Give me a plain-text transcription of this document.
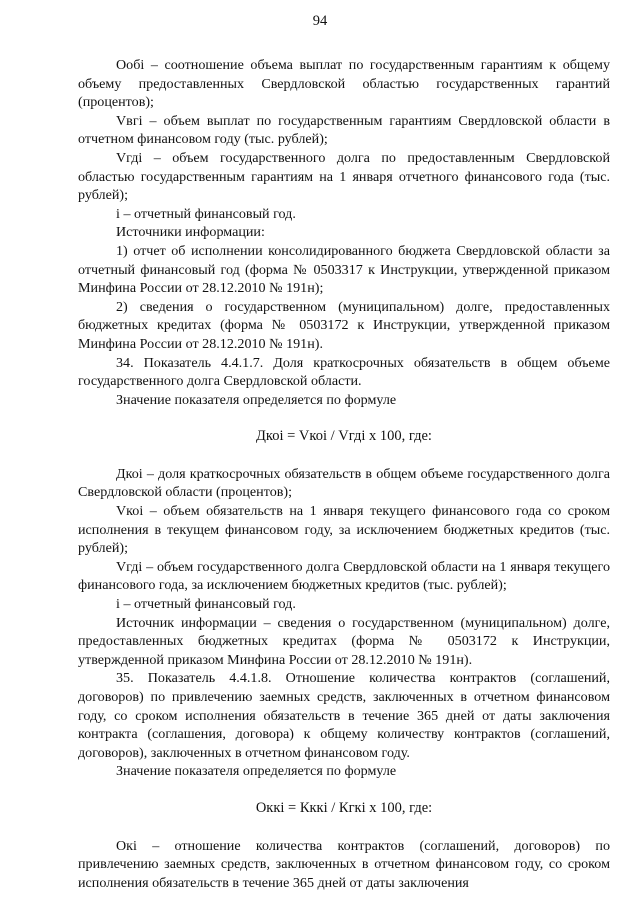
94

Ообі – соотношение объема выплат по государственным гарантиям к общему объему предоставленных Свердловской областью государственных гарантий (процентов);

Vвгі – объем выплат по государственным гарантиям Свердловской области в отчетном финансовом году (тыс. рублей);

Vгді – объем государственного долга по предоставленным Свердловской областью государственным гарантиям на 1 января отчетного финансового года (тыс. рублей);

і – отчетный финансовый год.

Источники информации:

1) отчет об исполнении консолидированного бюджета Свердловской области за отчетный финансовый год (форма № 0503317 к Инструкции, утвержденной приказом Минфина России от 28.12.2010 № 191н);

2) сведения о государственном (муниципальном) долге, предоставленных бюджетных кредитах (форма № 0503172 к Инструкции, утвержденной приказом Минфина России от 28.12.2010 № 191н).

34. Показатель 4.4.1.7. Доля краткосрочных обязательств в общем объеме государственного долга Свердловской области.

Значение показателя определяется по формуле

Дкоі = Vкоі / Vгді х 100, где:

Дкоі – доля краткосрочных обязательств в общем объеме государственного долга Свердловской области (процентов);

Vкоі – объем обязательств на 1 января текущего финансового года со сроком исполнения в текущем финансовом году, за исключением бюджетных кредитов (тыс. рублей);

Vгді – объем государственного долга Свердловской области на 1 января текущего финансового года, за исключением бюджетных кредитов (тыс. рублей);

і – отчетный финансовый год.

Источник информации – сведения о государственном (муниципальном) долге, предоставленных бюджетных кредитах (форма № 0503172 к Инструкции, утвержденной приказом Минфина России от 28.12.2010 № 191н).

35. Показатель 4.4.1.8. Отношение количества контрактов (соглашений, договоров) по привлечению заемных средств, заключенных в отчетном финансовом году, со сроком исполнения обязательств в течение 365 дней от даты заключения контракта (соглашения, договора) к общему количеству контрактов (соглашений, договоров), заключенных в отчетном финансовом году.

Значение показателя определяется по формуле

Оккі = Кккі / Кгкі х 100, где:

Окі – отношение количества контрактов (соглашений, договоров) по привлечению заемных средств, заключенных в отчетном финансовом году, со сроком исполнения обязательств в течение 365 дней от даты заключения
